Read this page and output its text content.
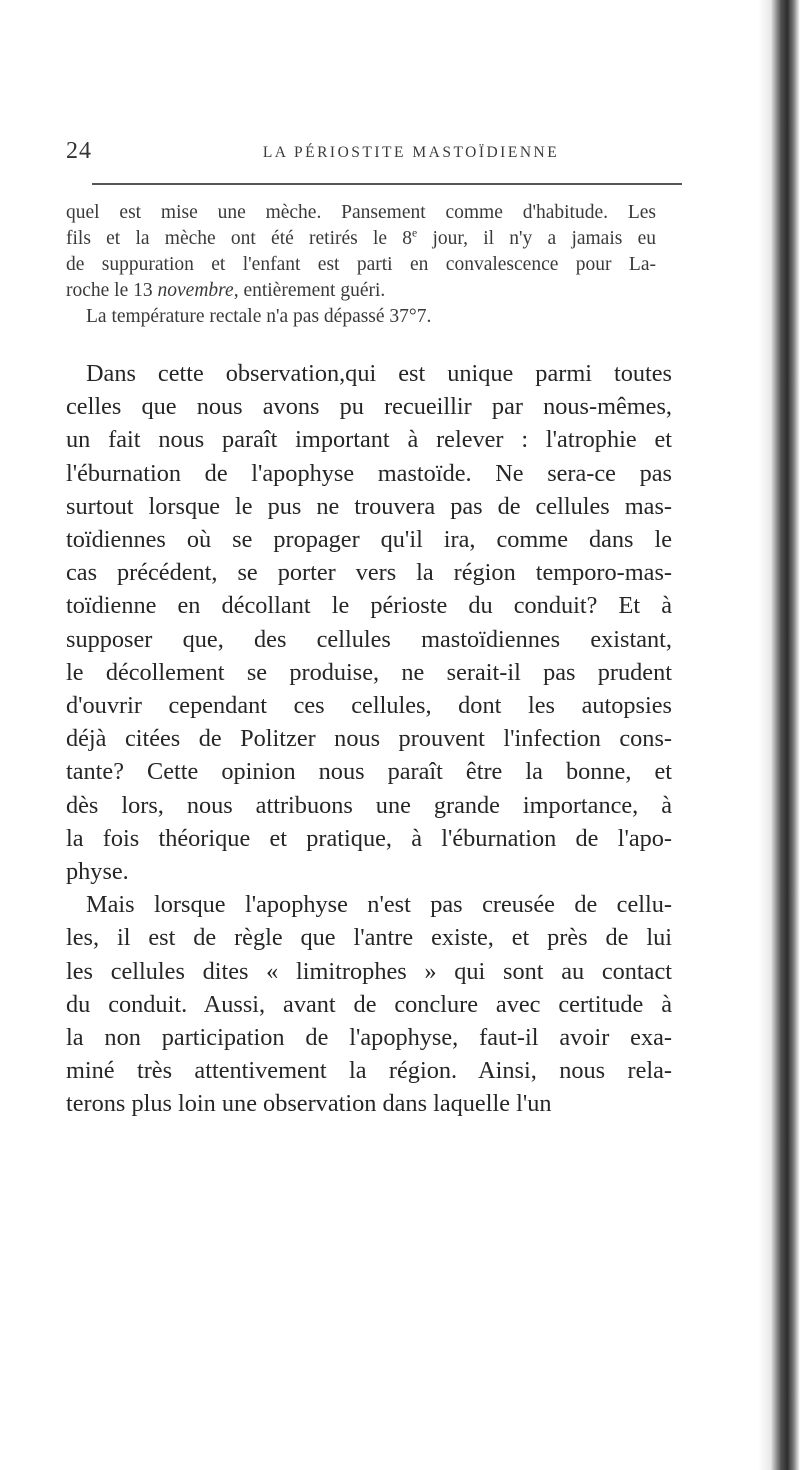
24	LA PÉRIOSTITE MASTOÏDIENNE

quel est mise une mèche. Pansement comme d'habitude. Les

fils et la mèche ont été retirés le 8e jour, il n'y a jamais eu

de suppuration et l'enfant est parti en convalescence pour La-

roche le 13 novembre, entièrement guéri.

La température rectale n'a pas dépassé 37°7.

Dans cette observation,qui est unique parmi toutes
celles que nous avons pu recueillir par nous-mêmes,
un fait nous paraît important à relever : l'atrophie et
l'éburnation de l'apophyse mastoïde. Ne sera-ce pas
surtout lorsque le pus ne trouvera pas de cellules mas-
toïdiennes où se propager qu'il ira, comme dans le
cas précédent, se porter vers la région temporo-mas-
toïdienne en décollant le périoste du conduit? Et à
supposer que, des cellules mastoïdiennes existant,
le décollement se produise, ne serait-il pas prudent
d'ouvrir cependant ces cellules, dont les autopsies
déjà citées de Politzer nous prouvent l'infection cons-
tante? Cette opinion nous paraît être la bonne, et
dès lors, nous attribuons une grande importance, à
la fois théorique et pratique, à l'éburnation de l'apo-
physe.
Mais lorsque l'apophyse n'est pas creusée de cellu-
les, il est de règle que l'antre existe, et près de lui
les cellules dites « limitrophes » qui sont au contact
du conduit. Aussi, avant de conclure avec certitude à
la non participation de l'apophyse, faut-il avoir exa-
miné très attentivement la région. Ainsi, nous rela-
terons plus loin une observation dans laquelle l'un
